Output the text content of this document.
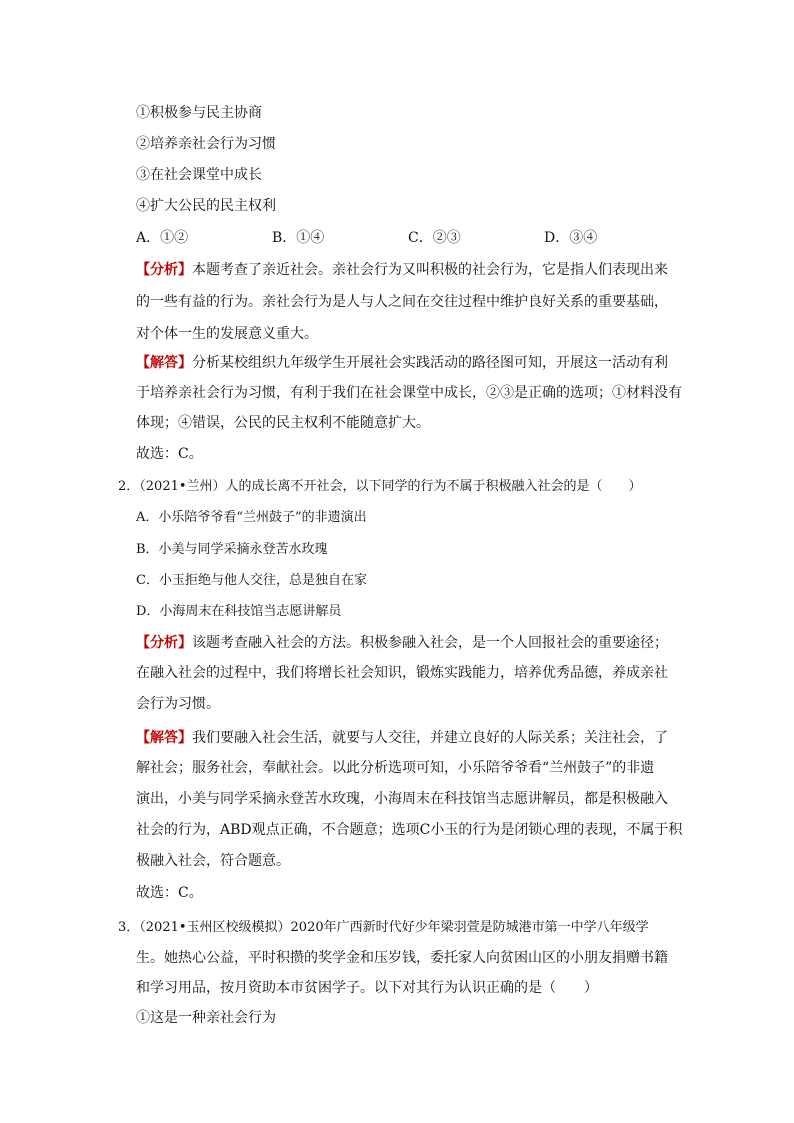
①积极参与民主协商
②培养亲社会行为习惯
③在社会课堂中成长
④扩大公民的民主权利
A．①②	B．①④	C．②③	D．③④
【分析】本题考查了亲近社会。亲社会行为又叫积极的社会行为，它是指人们表现出来
的一些有益的行为。亲社会行为是人与人之间在交往过程中维护良好关系的重要基础，
对个体一生的发展意义重大。
【解答】分析某校组织九年级学生开展社会实践活动的路径图可知，开展这一活动有利
于培养亲社会行为习惯，有利于我们在社会课堂中成长，②③是正确的选项；①材料没有
体现；④错误，公民的民主权利不能随意扩大。
故选：C。
2．（2021•兰州）人的成长离不开社会，以下同学的行为不属于积极融入社会的是（　　）
A．小乐陪爷爷看“兰州鼓子”的非遗演出
B．小美与同学采摘永登苦水玫瑰
C．小玉拒绝与他人交往，总是独自在家
D．小海周末在科技馆当志愿讲解员
【分析】该题考查融入社会的方法。积极参融入社会，是一个人回报社会的重要途径；
在融入社会的过程中，我们将增长社会知识，锻炼实践能力，培养优秀品德，养成亲社
会行为习惯。
【解答】我们要融入社会生活，就要与人交往，并建立良好的人际关系；关注社会，了
解社会；服务社会，奉献社会。以此分析选项可知，小乐陪爷爷看“兰州鼓子”的非遗
演出，小美与同学采摘永登苦水玫瑰，小海周末在科技馆当志愿讲解员，都是积极融入
社会的行为，ABD观点正确，不合题意；选项C小玉的行为是闭锁心理的表现，不属于积
极融入社会，符合题意。
故选：C。
3．（2021•玉州区校级模拟）2020年广西新时代好少年梁羽萱是防城港市第一中学八年级学
生。她热心公益，平时积攒的奖学金和压岁钱，委托家人向贫困山区的小朋友捐赠书籍
和学习用品，按月资助本市贫困学子。以下对其行为认识正确的是（　　）
①这是一种亲社会行为
